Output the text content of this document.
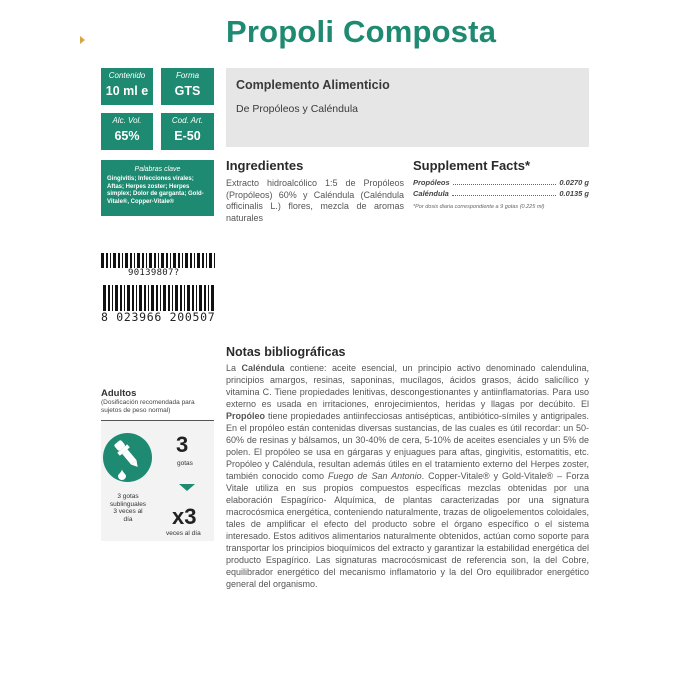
Propoli Composta
Contenido
10 ml e
Forma
GTS
Alc. Vol.
65%
Cod. Art.
E-50
Palabras clave
Gingivitis; Infecciones virales; Aftas; Herpes zoster; Herpes simplex; Dolor de garganta; Gold-Vitale®, Copper-Vitale®
Complemento Alimenticio
De Propóleos y Caléndula
Ingredientes
Extracto hidroalcólico 1:5 de Propóleos (Propóleos) 60% y Caléndula (Caléndula officinalis L.) flores, mezcla de aromas naturales
Supplement Facts*
Propóleos	0.0270 g
Caléndula	0.0135 g
*Por dosis diaria correspondiente a 9 gotas (0.225 ml)
90139807?
8 023966 200507
Notas bibliográficas

La Caléndula contiene: aceite esencial, un principio activo denominado calendulina, principios amargos, resinas, saponinas, mucílagos, ácidos grasos, ácido salicílico y vitamina C. Tiene propiedades lenitivas, descongestionantes y antiinflamatorias. Para uso externo es usada en irritaciones, enrojecimientos, heridas y llagas por decúbito. El Propóleo tiene propiedades antiinfecciosas antisépticas, antibiótico-símiles y antigripales. En el propóleo están contenidas diversas sustancias, de las cuales es útil recordar: un 50-60% de resinas y bálsamos, un 30-40% de cera, 5-10% de aceites esenciales y un 5% de polen. El propóleo se usa en gárgaras y enjuagues para aftas, gingivitis, estomatitis, etc. Propóleo y Caléndula, resultan además útiles en el tratamiento externo del Herpes zoster, también conocido como Fuego de San Antonio. Copper-Vitale® y Gold-Vitale® – Forza Vitale utiliza en sus propios compuestos específicas mezclas obtenidas por una elaboración Espagírico- Alquímica, de plantas caracterizadas por una signatura macrocósmica energética, conteniendo naturalmente, trazas de oligoelementos coloidales, tales de amplificar el efecto del producto sobre el órgano específico o el sistema interesado. Estos aditivos alimentarios naturalmente obtenidos, actúan como soporte para transportar los principios bioquímicos del extracto y garantizar la estabilidad energética del producto Espagírico. Las signaturas macrocósmicast de referencia son, la del Cobre, equilibrador energético del mecanismo inflamatorio y la del Oro equilibrador energético general del organismo.

Adultos
(Dosificación recomendada para sujetos de peso normal)
3 gotas sublinguales 3 veces al día
3
gotas
x3
veces al día
